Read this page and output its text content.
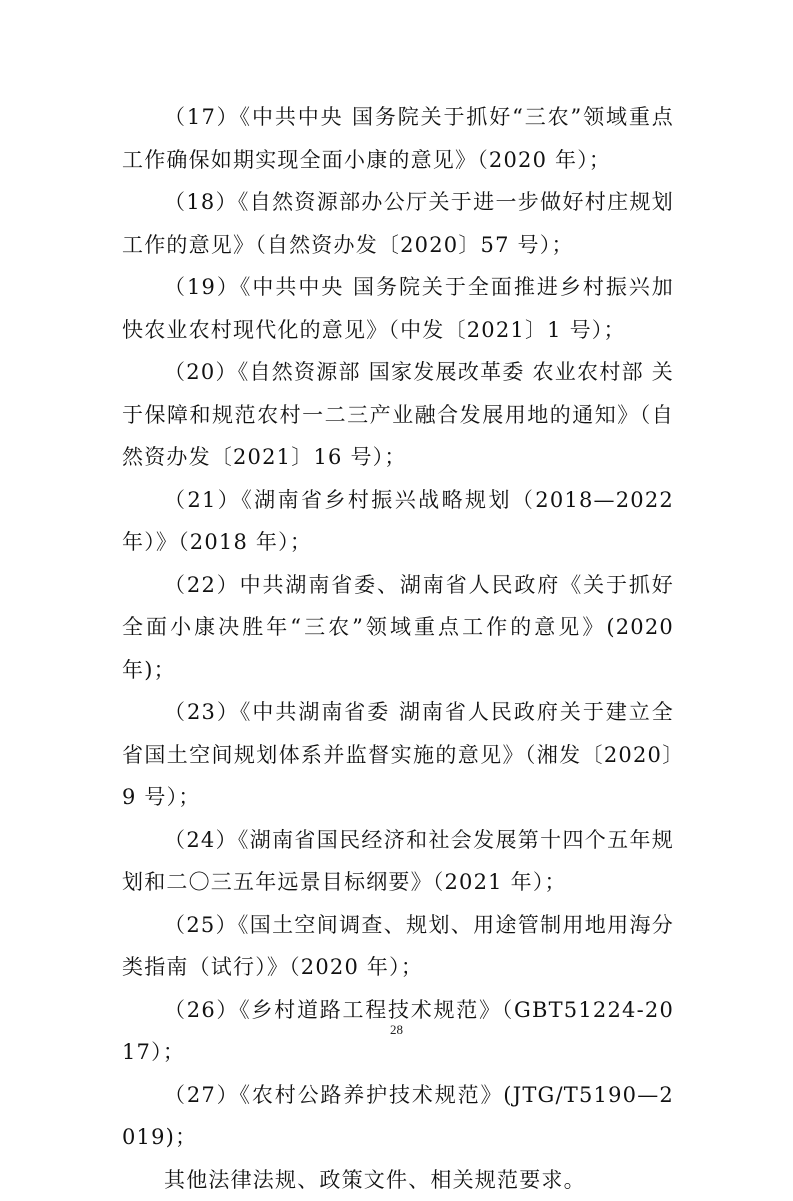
（17）《中共中央 国务院关于抓好“三农”领域重点工作确保如期实现全面小康的意见》（2020 年）；

（18）《自然资源部办公厅关于进一步做好村庄规划工作的意见》（自然资办发〔2020〕57 号）；

（19）《中共中央 国务院关于全面推进乡村振兴加快农业农村现代化的意见》（中发〔2021〕1 号）；

（20）《自然资源部 国家发展改革委 农业农村部 关于保障和规范农村一二三产业融合发展用地的通知》（自然资办发〔2021〕16 号）；

（21）《湖南省乡村振兴战略规划（2018—2022 年）》（2018 年）；

（22）中共湖南省委、湖南省人民政府《关于抓好全面小康决胜年“三农”领域重点工作的意见》(2020 年)；

（23）《中共湖南省委 湖南省人民政府关于建立全省国土空间规划体系并监督实施的意见》（湘发〔2020〕9 号）；

（24）《湖南省国民经济和社会发展第十四个五年规划和二〇三五年远景目标纲要》（2021 年）；

（25）《国土空间调查、规划、用途管制用地用海分类指南（试行）》（2020 年）；

（26）《乡村道路工程技术规范》（GBT51224-2017）；

（27）《农村公路养护技术规范》(JTG/T5190—2019)；

其他法律法规、政策文件、相关规范要求。

28
